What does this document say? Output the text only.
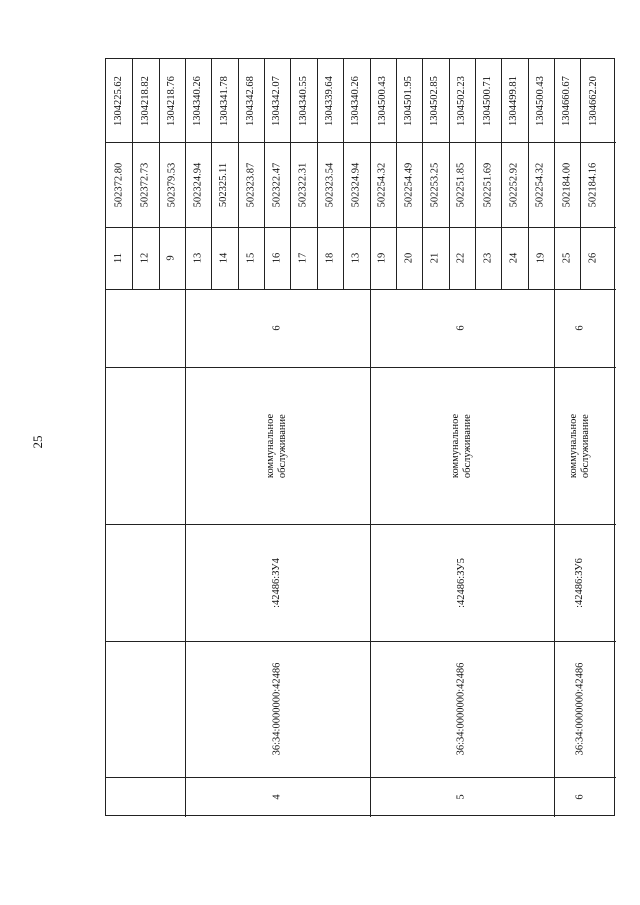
25
1304225.62
502372.80
11
1304218.82
502372.73
12
1304218.76
502379.53
9
1304340.26
502324.94
13
1304341.78
502325.11
14
1304342.68
502323.87
15
1304342.07
502322.47
16
1304340.55
502322.31
17
1304339.64
502323.54
18
1304340.26
502324.94
13
6
коммунальное обслуживание
:42486:ЗУ4
36:34:0000000:42486
4
1304500.43
502254.32
19
1304501.95
502254.49
20
1304502.85
502253.25
21
1304502.23
502251.85
22
1304500.71
502251.69
23
1304499.81
502252.92
24
1304500.43
502254.32
19
6
коммунальное обслуживание
:42486:ЗУ5
36:34:0000000:42486
5
1304660.67
502184.00
25
1304662.20
502184.16
26
6
коммунальное обслуживание
:42486:ЗУ6
36:34:0000000:42486
6
